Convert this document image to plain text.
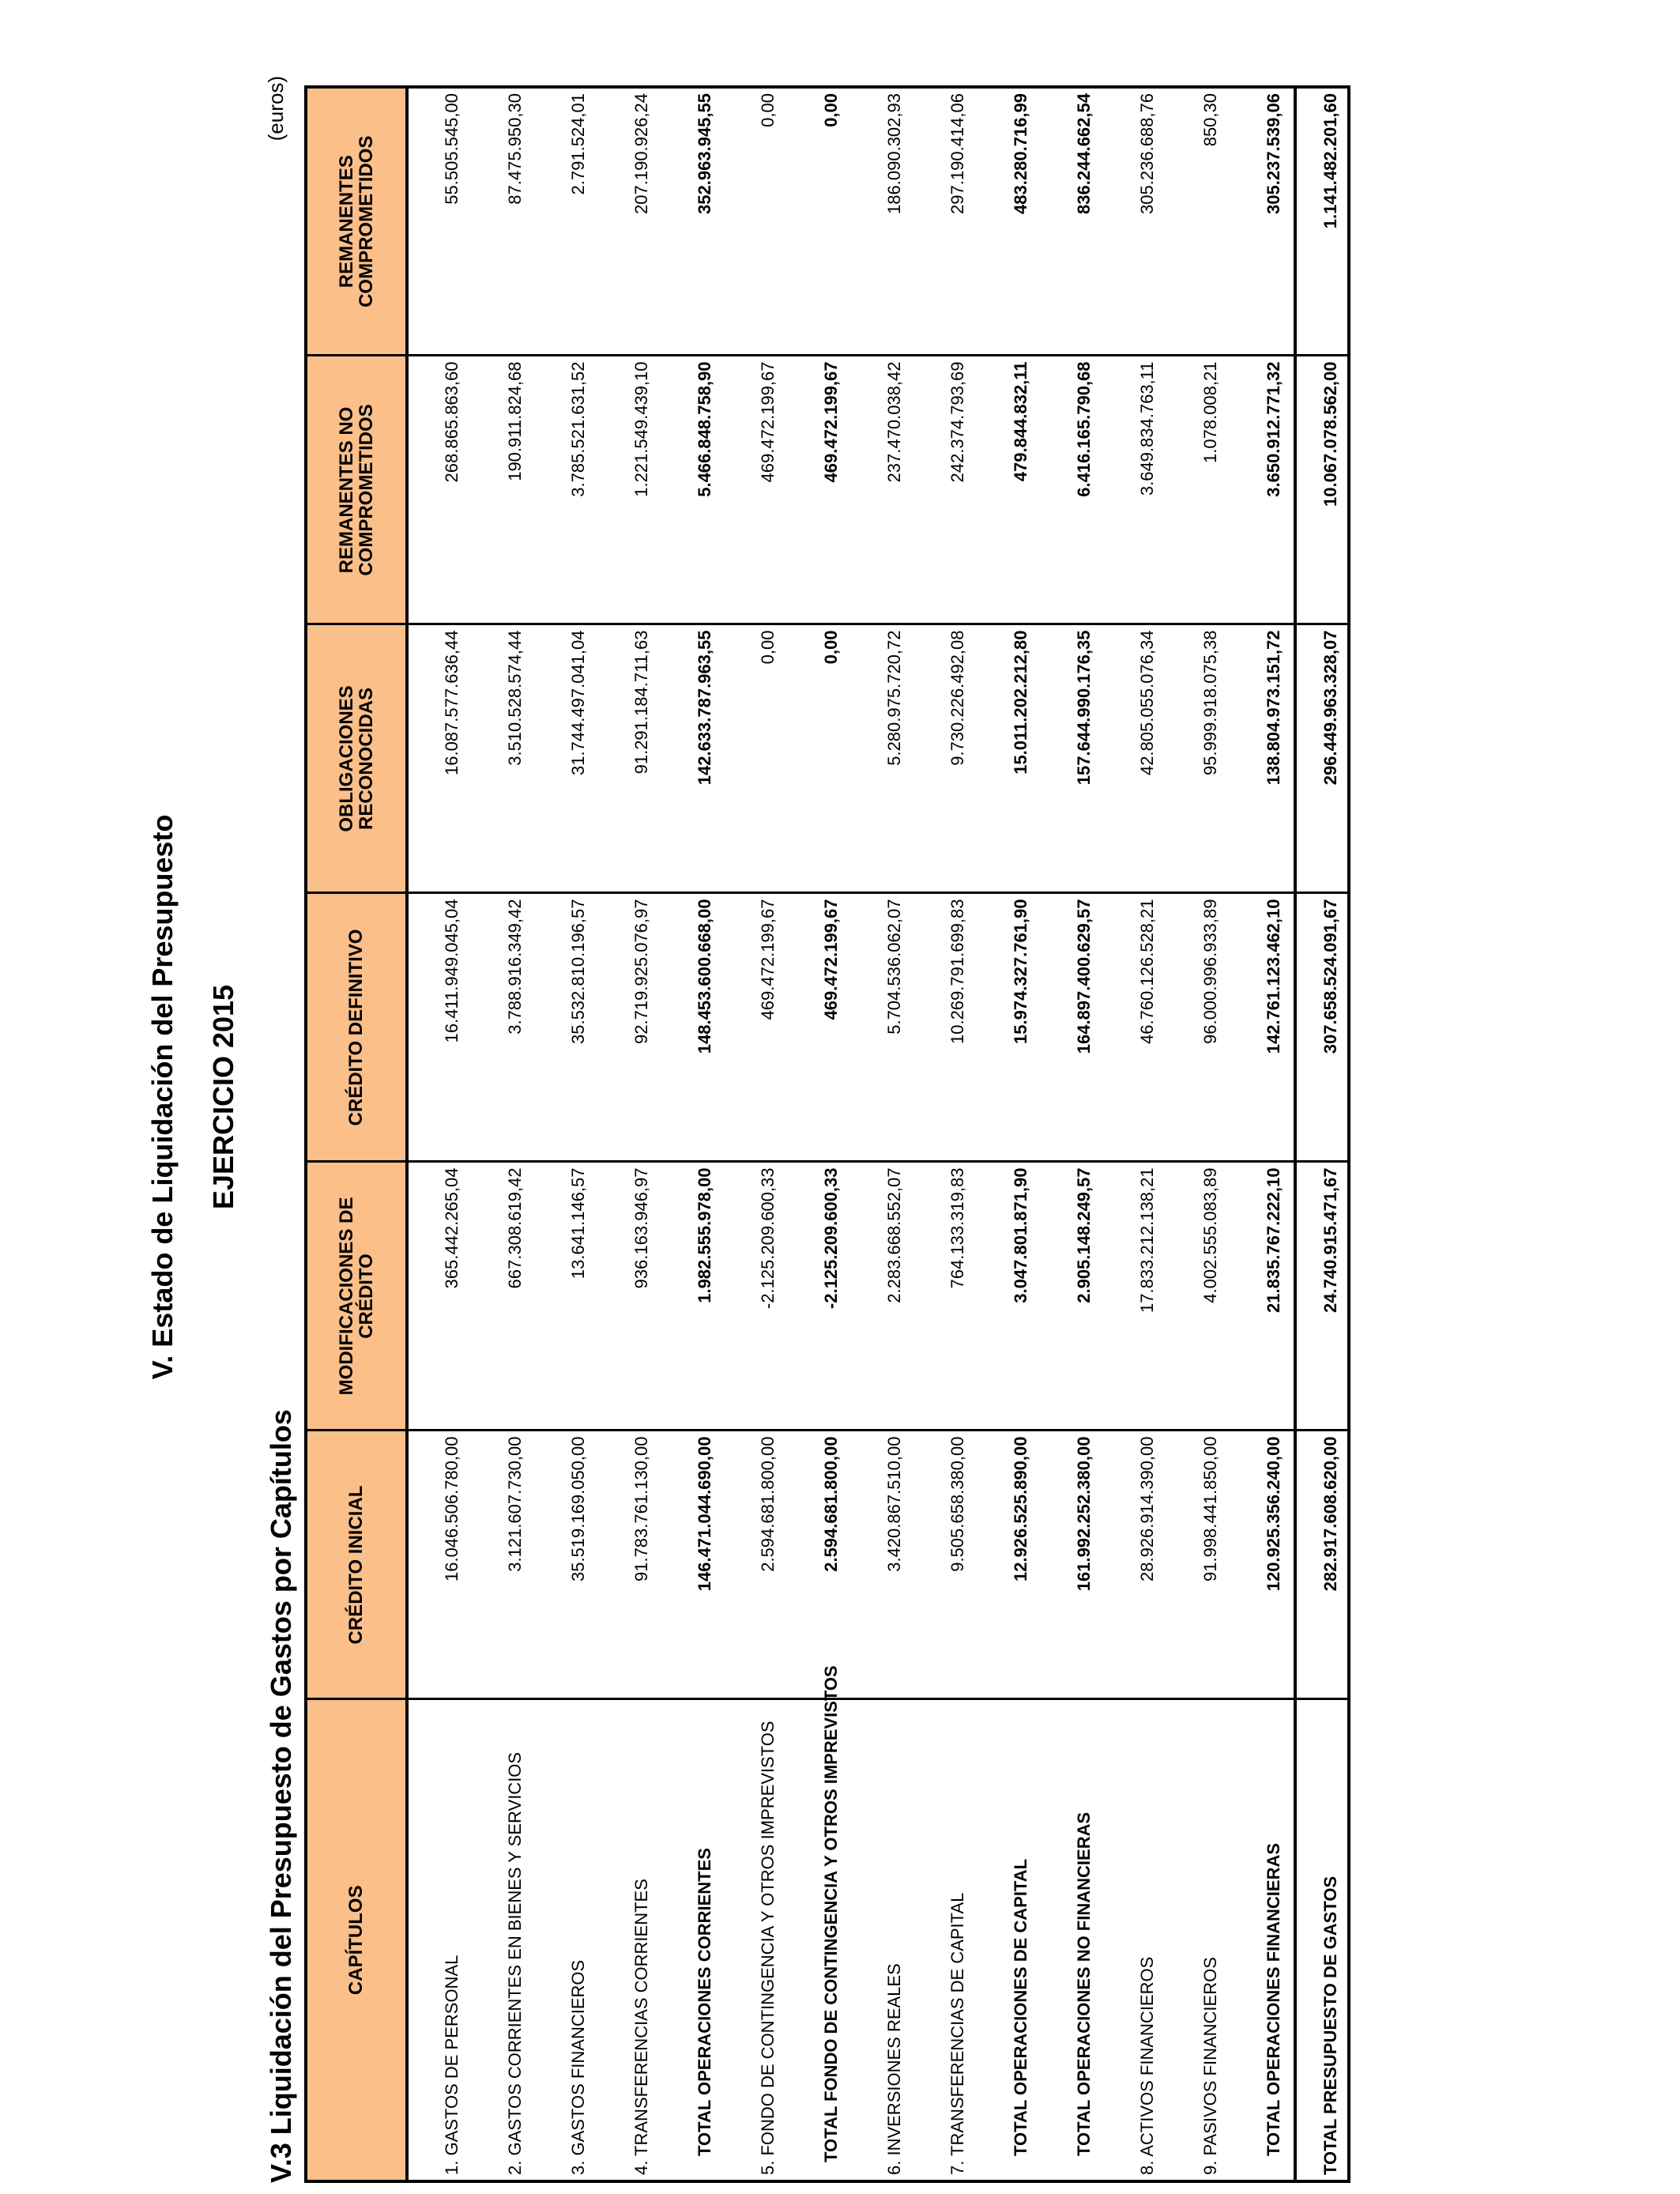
V. Estado de Liquidación del Presupuesto EJERCICIO 2015
V.3 Liquidación del Presupuesto de Gastos por Capítulos
(euros)
CAPÍTULOS	CRÉDITO INICIAL	MODIFICACIONES DE CRÉDITO	CRÉDITO DEFINITIVO	OBLIGACIONES RECONOCIDAS	REMANENTES NO COMPROMETIDOS	REMANENTES COMPROMETIDOS
1. GASTOS DE PERSONAL	16.046.506.780,00	365.442.265,04	16.411.949.045,04	16.087.577.636,44	268.865.863,60	55.505.545,00
2. GASTOS CORRIENTES EN BIENES Y SERVICIOS	3.121.607.730,00	667.308.619,42	3.788.916.349,42	3.510.528.574,44	190.911.824,68	87.475.950,30
3. GASTOS FINANCIEROS	35.519.169.050,00	13.641.146,57	35.532.810.196,57	31.744.497.041,04	3.785.521.631,52	2.791.524,01
4. TRANSFERENCIAS CORRIENTES	91.783.761.130,00	936.163.946,97	92.719.925.076,97	91.291.184.711,63	1.221.549.439,10	207.190.926,24
TOTAL OPERACIONES CORRIENTES	146.471.044.690,00	1.982.555.978,00	148.453.600.668,00	142.633.787.963,55	5.466.848.758,90	352.963.945,55
5. FONDO DE CONTINGENCIA Y OTROS IMPREVISTOS	2.594.681.800,00	-2.125.209.600,33	469.472.199,67	0,00	469.472.199,67	0,00
TOTAL FONDO DE CONTINGENCIA Y OTROS IMPREVISTOS	2.594.681.800,00	-2.125.209.600,33	469.472.199,67	0,00	469.472.199,67	0,00
6. INVERSIONES REALES	3.420.867.510,00	2.283.668.552,07	5.704.536.062,07	5.280.975.720,72	237.470.038,42	186.090.302,93
7. TRANSFERENCIAS DE CAPITAL	9.505.658.380,00	764.133.319,83	10.269.791.699,83	9.730.226.492,08	242.374.793,69	297.190.414,06
TOTAL OPERACIONES DE CAPITAL	12.926.525.890,00	3.047.801.871,90	15.974.327.761,90	15.011.202.212,80	479.844.832,11	483.280.716,99
TOTAL OPERACIONES NO FINANCIERAS	161.992.252.380,00	2.905.148.249,57	164.897.400.629,57	157.644.990.176,35	6.416.165.790,68	836.244.662,54
8. ACTIVOS FINANCIEROS	28.926.914.390,00	17.833.212.138,21	46.760.126.528,21	42.805.055.076,34	3.649.834.763,11	305.236.688,76
9. PASIVOS FINANCIEROS	91.998.441.850,00	4.002.555.083,89	96.000.996.933,89	95.999.918.075,38	1.078.008,21	850,30
TOTAL OPERACIONES FINANCIERAS	120.925.356.240,00	21.835.767.222,10	142.761.123.462,10	138.804.973.151,72	3.650.912.771,32	305.237.539,06
TOTAL PRESUPUESTO DE GASTOS	282.917.608.620,00	24.740.915.471,67	307.658.524.091,67	296.449.963.328,07	10.067.078.562,00	1.141.482.201,60
